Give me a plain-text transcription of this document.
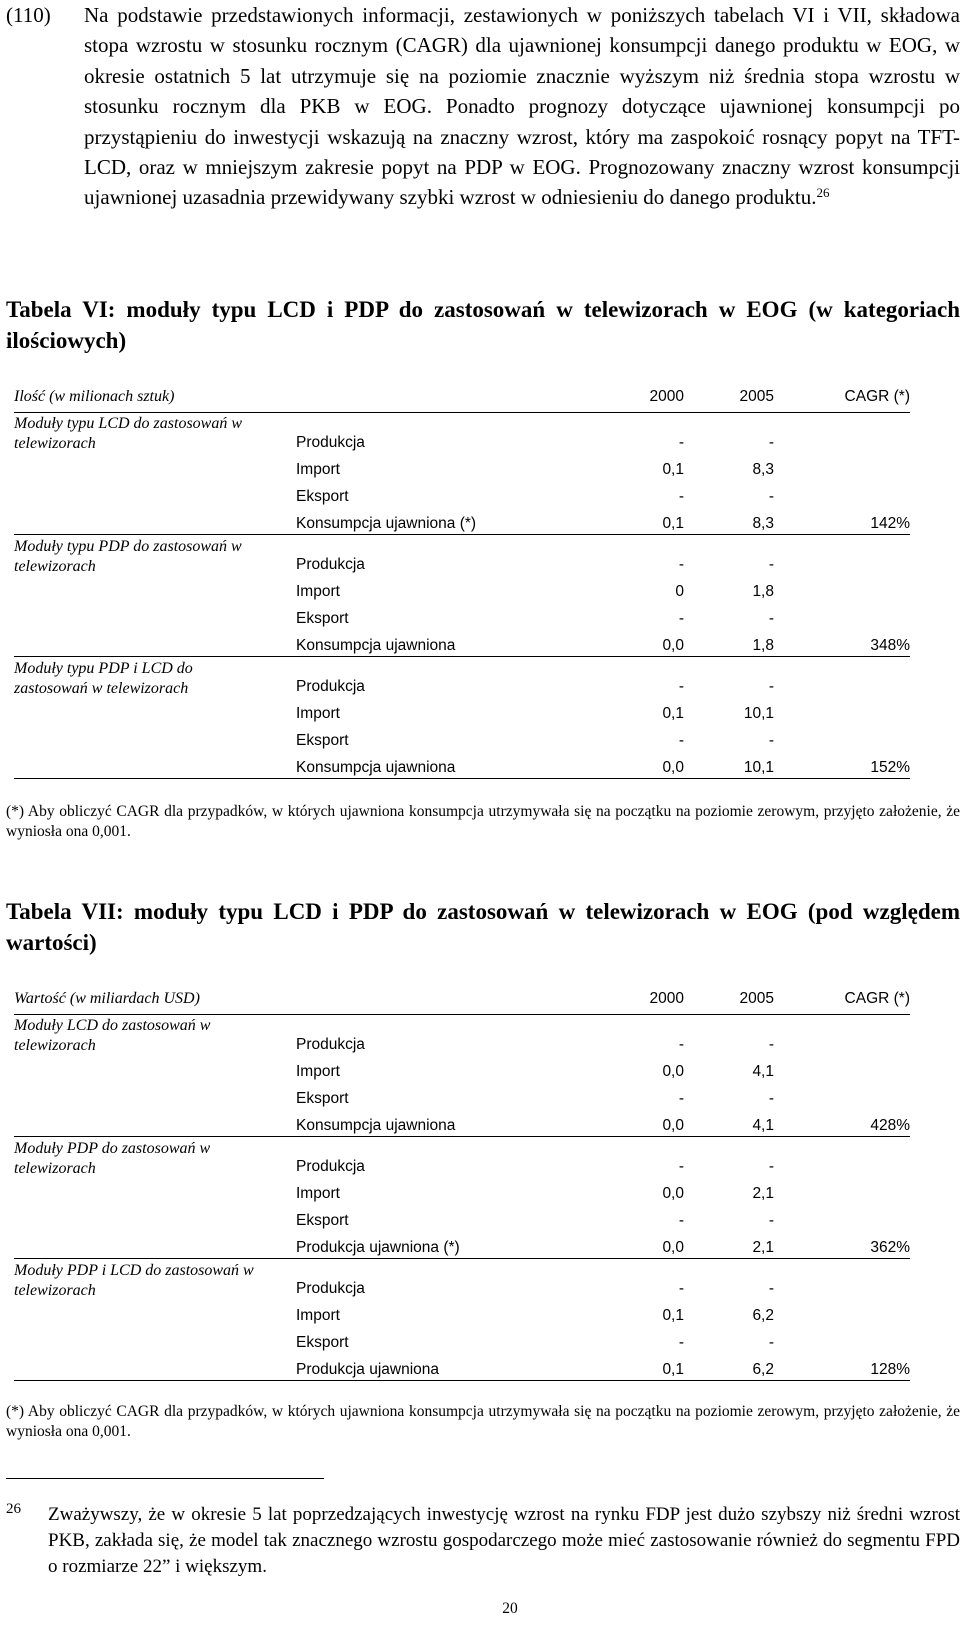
(110) Na podstawie przedstawionych informacji, zestawionych w poniższych tabelach VI i VII, składowa stopa wzrostu w stosunku rocznym (CAGR) dla ujawnionej konsumpcji danego produktu w EOG, w okresie ostatnich 5 lat utrzymuje się na poziomie znacznie wyższym niż średnia stopa wzrostu w stosunku rocznym dla PKB w EOG. Ponadto prognozy dotyczące ujawnionej konsumpcji po przystąpieniu do inwestycji wskazują na znaczny wzrost, który ma zaspokoić rosnący popyt na TFT-LCD, oraz w mniejszym zakresie popyt na PDP w EOG. Prognozowany znaczny wzrost konsumpcji ujawnionej uzasadnia przewidywany szybki wzrost w odniesieniu do danego produktu.$^{26}$
Tabela VI: moduły typu LCD i PDP do zastosowań w telewizorach w EOG (w kategoriach ilościowych)
Ilość (w milionach sztuk)	2000	2005	CAGR (*)
Moduły typu LCD do zastosowań w telewizorach	Produkcja	-	-
Import	0,1	8,3
Eksport	-	-
Konsumpcja ujawniona (*)	0,1	8,3	142%
Moduły typu PDP do zastosowań w telewizorach	Produkcja	-	-
Import	0	1,8
Eksport	-	-
Konsumpcja ujawniona	0,0	1,8	348%
Moduły typu PDP i LCD do zastosowań w telewizorach	Produkcja	-	-
Import	0,1	10,1
Eksport	-	-
Konsumpcja ujawniona	0,0	10,1	152%
(*) Aby obliczyć CAGR dla przypadków, w których ujawniona konsumpcja utrzymywała się na początku na poziomie zerowym, przyjęto założenie, że wyniosła ona 0,001.
Tabela VII: moduły typu LCD i PDP do zastosowań w telewizorach w EOG (pod względem wartości)
Wartość (w miliardach USD)	2000	2005	CAGR (*)
Moduły LCD do zastosowań w telewizorach	Produkcja	-	-
Import	0,0	4,1
Eksport	-	-
Konsumpcja ujawniona	0,0	4,1	428%
Moduły PDP do zastosowań w telewizorach	Produkcja	-	-
Import	0,0	2,1
Eksport	-	-
Produkcja ujawniona (*)	0,0	2,1	362%
Moduły PDP i LCD do zastosowań w telewizorach	Produkcja	-	-
Import	0,1	6,2
Eksport	-	-
Produkcja ujawniona	0,1	6,2	128%
(*) Aby obliczyć CAGR dla przypadków, w których ujawniona konsumpcja utrzymywała się na początku na poziomie zerowym, przyjęto założenie, że wyniosła ona 0,001.
26 Zważywszy, że w okresie 5 lat poprzedzających inwestycję wzrost na rynku FDP jest dużo szybszy niż średni wzrost PKB, zakłada się, że model tak znacznego wzrostu gospodarczego może mieć zastosowanie również do segmentu FPD o rozmiarze 22” i większym.
20
